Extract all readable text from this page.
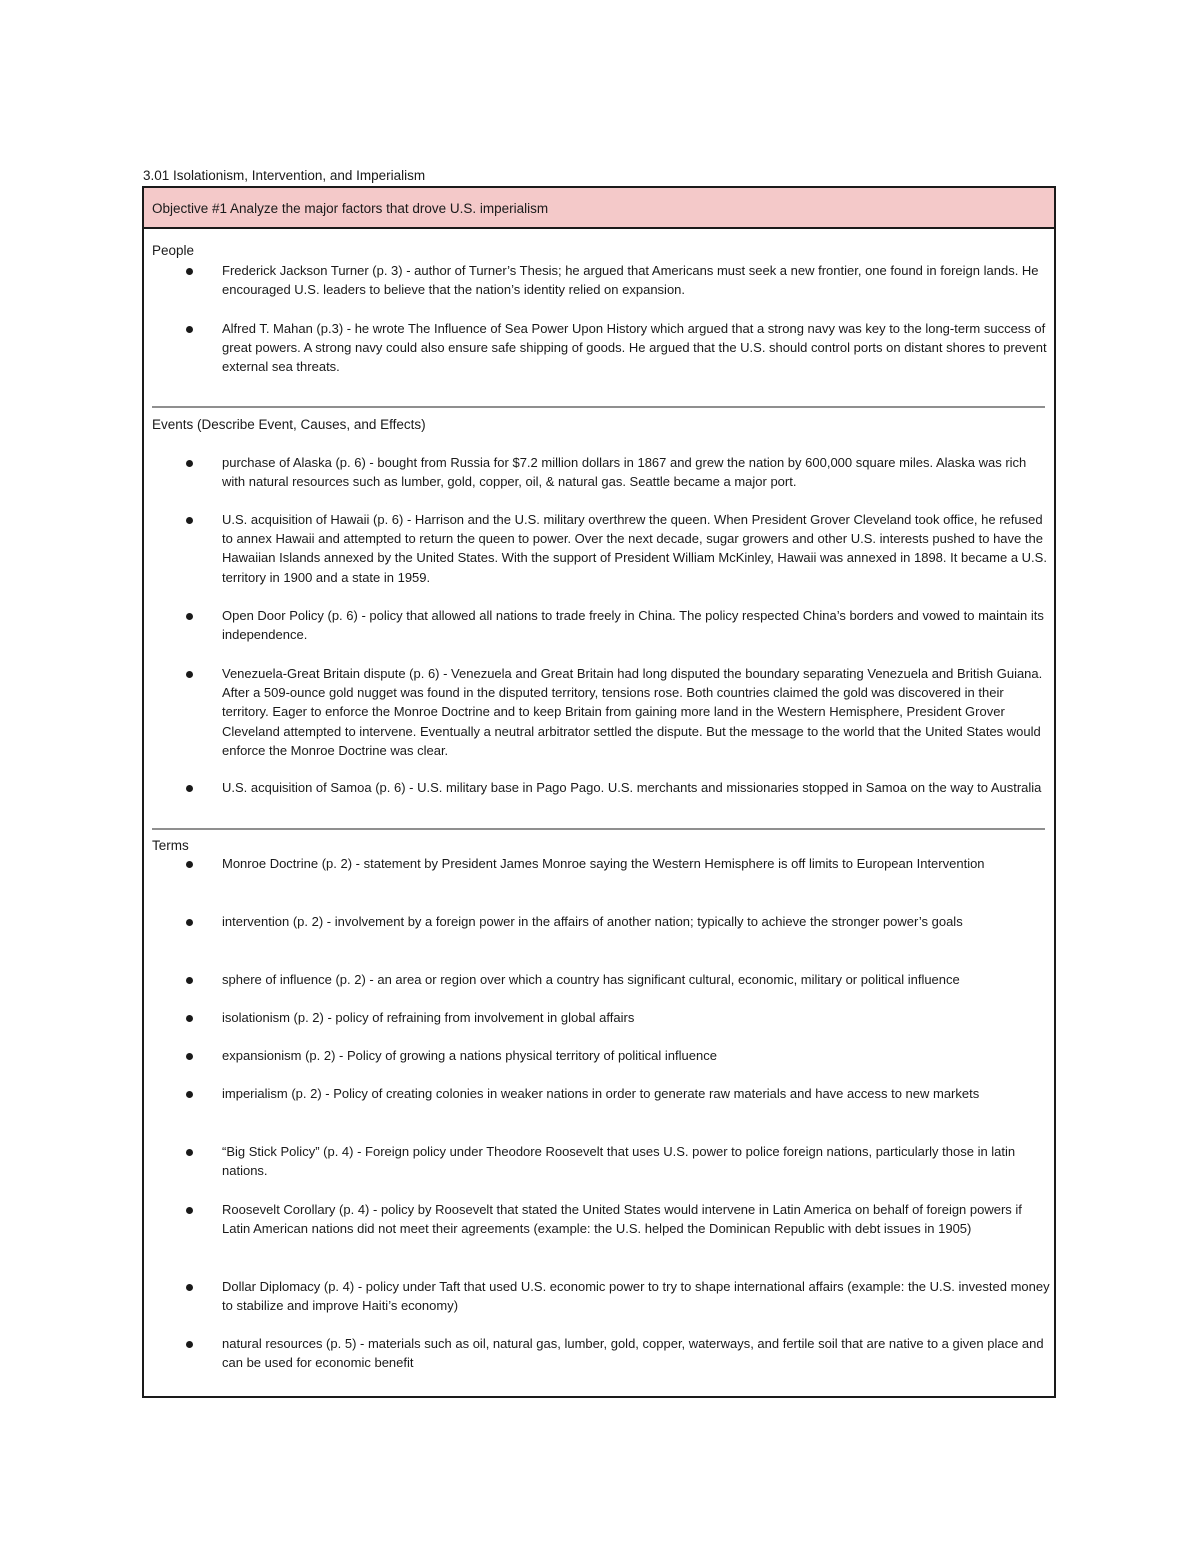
3.01 Isolationism, Intervention, and Imperialism
Objective #1 Analyze the major factors that drove U.S. imperialism
People
Frederick Jackson Turner (p. 3) - author of Turner’s Thesis; he argued that Americans must seek a new frontier, one found in foreign lands. He encouraged U.S. leaders to believe that the nation’s identity relied on expansion.
Alfred T. Mahan (p.3) - he wrote The Influence of Sea Power Upon History which argued that a strong navy was key to the long-term success of great powers. A strong navy could also ensure safe shipping of goods. He argued that the U.S. should control ports on distant shores to prevent external sea threats.
Events (Describe Event, Causes, and Effects)
purchase of Alaska (p. 6) - bought from Russia for $7.2 million dollars in 1867 and grew the nation by 600,000 square miles. Alaska was rich with natural resources such as lumber, gold, copper, oil, & natural gas. Seattle became a major port.
U.S. acquisition of Hawaii (p. 6) - Harrison and the U.S. military overthrew the queen. When President Grover Cleveland took office, he refused to annex Hawaii and attempted to return the queen to power. Over the next decade, sugar growers and other U.S. interests pushed to have the Hawaiian Islands annexed by the United States. With the support of President William McKinley, Hawaii was annexed in 1898. It became a U.S. territory in 1900 and a state in 1959.
Open Door Policy (p. 6) - policy that allowed all nations to trade freely in China. The policy respected China’s borders and vowed to maintain its independence.
Venezuela-Great Britain dispute (p. 6) - Venezuela and Great Britain had long disputed the boundary separating Venezuela and British Guiana. After a 509-ounce gold nugget was found in the disputed territory, tensions rose. Both countries claimed the gold was discovered in their territory. Eager to enforce the Monroe Doctrine and to keep Britain from gaining more land in the Western Hemisphere, President Grover Cleveland attempted to intervene. Eventually a neutral arbitrator settled the dispute. But the message to the world that the United States would enforce the Monroe Doctrine was clear.
U.S. acquisition of Samoa (p. 6) - U.S. military base in Pago Pago. U.S. merchants and missionaries stopped in Samoa on the way to Australia
Terms
Monroe Doctrine (p. 2) - statement by President James Monroe saying the Western Hemisphere is off limits to European Intervention
intervention (p. 2) - involvement by a foreign power in the affairs of another nation; typically to achieve the stronger power’s goals
sphere of influence (p. 2) - an area or region over which a country has significant cultural, economic, military or political influence
isolationism (p. 2) - policy of refraining from involvement in global affairs
expansionism (p. 2) - Policy of growing a nations physical territory of political influence
imperialism (p. 2) - Policy of creating colonies in weaker nations in order to generate raw materials and have access to new markets
“Big Stick Policy” (p. 4) - Foreign policy under Theodore Roosevelt that uses U.S. power to police foreign nations, particularly those in latin nations.
Roosevelt Corollary (p. 4) - policy by Roosevelt that stated the United States would intervene in Latin America on behalf of foreign powers if Latin American nations did not meet their agreements (example: the U.S. helped the Dominican Republic with debt issues in 1905)
Dollar Diplomacy (p. 4) - policy under Taft that used U.S. economic power to try to shape international affairs (example: the U.S. invested money to stabilize and improve Haiti’s economy)
natural resources (p. 5) - materials such as oil, natural gas, lumber, gold, copper, waterways, and fertile soil that are native to a given place and can be used for economic benefit
